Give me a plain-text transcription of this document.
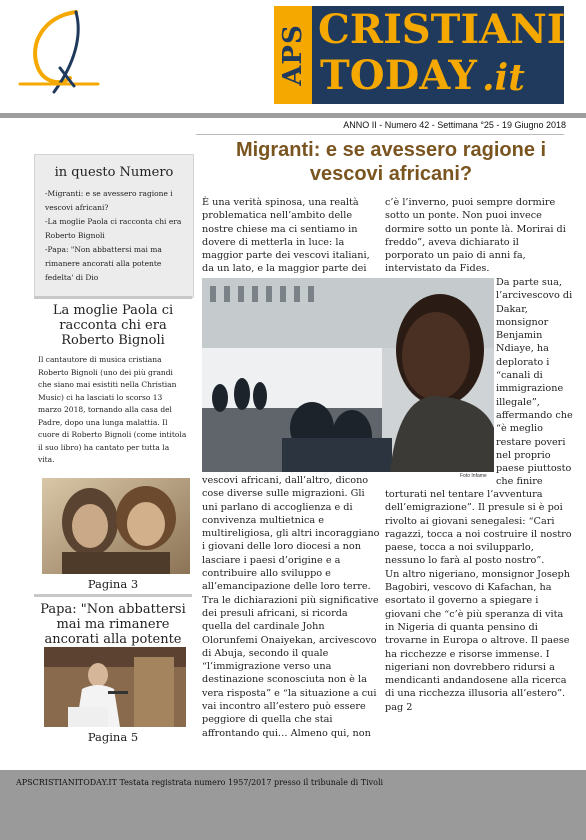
APS CRISTIANI
TODAY .it
ANNO II - Numero 42 - Settimana °25 - 19 Giugno 2018
in questo Numero
-Migranti: e se avessero ragione i vescovi africani?
-La moglie Paola ci racconta chi era Roberto Bignoli
-Papa: "Non abbattersi mai ma rimanere ancorati alla potente fedelta' di Dio
La moglie Paola ci racconta chi era Roberto Bignoli
Il cantautore di musica cristiana Roberto Bignoli (uno dei più grandi che siano mai esistiti nella Christian Music) ci ha lasciati lo scorso 13 marzo 2018, tornando alla casa del Padre, dopo una lunga malattia. Il cuore di Roberto Bignoli (come intitola il suo libro) ha cantato per tutta la vita.
Pagina 3
Papa: "Non abbattersi mai ma rimanere ancorati alla potente
Pagina 5
Migranti: e se avessero ragione i vescovi africani?
È una verità spinosa, una realtà problematica nell’ambito delle nostre chiese ma ci sentiamo in dovere di metterla in luce: la maggior parte dei vescovi italiani, da un lato, e la maggior parte dei
c’è l’inverno, puoi sempre dormire sotto un ponte. Non puoi invece dormire sotto un ponte là. Morirai di freddo”, aveva dichiarato il porporato un paio di anni fa, intervistato da Fides.
Foto Infame
Da parte sua, l’arcivescovo di Dakar, monsignor Benjamin Ndiaye, ha deplorato i “canali di immigrazione illegale”, affermando che “è meglio restare poveri nel proprio paese piuttosto che finire
vescovi africani, dall’altro, dicono cose diverse sulle migrazioni. Gli uni parlano di accoglienza e di convivenza multietnica e multireligiosa, gli altri incoraggiano i giovani delle loro diocesi a non lasciare i paesi d’origine e a contribuire allo sviluppo e all’emancipazione delle loro terre.
Tra le dichiarazioni più significative dei presuli africani, si ricorda quella del cardinale John Olorunfemi Onaiyekan, arcivescovo di Abuja, secondo il quale “l’immigrazione verso una destinazione sconosciuta non è la vera risposta” e “la situazione a cui vai incontro all’estero può essere peggiore di quella che stai affrontando qui… Almeno qui, non
torturati nel tentare l’avventura dell’emigrazione”. Il presule si è poi rivolto ai giovani senegalesi: “Cari ragazzi, tocca a noi costruire il nostro paese, tocca a noi svilupparlo, nessuno lo farà al posto nostro”.
Un altro nigeriano, monsignor Joseph Bagobiri, vescovo di Kafachan, ha esortato il governo a spiegare i giovani che “c’è più speranza di vita in Nigeria di quanta pensino di trovarne in Europa o altrove. Il paese ha ricchezze e risorse immense. I nigeriani non dovrebbero ridursi a mendicanti andandosene alla ricerca di una ricchezza illusoria all’estero”.
pag 2
APSCRISTIANITODAY.IT Testata registrata numero 1957/2017 presso il tribunale di Tivoli
